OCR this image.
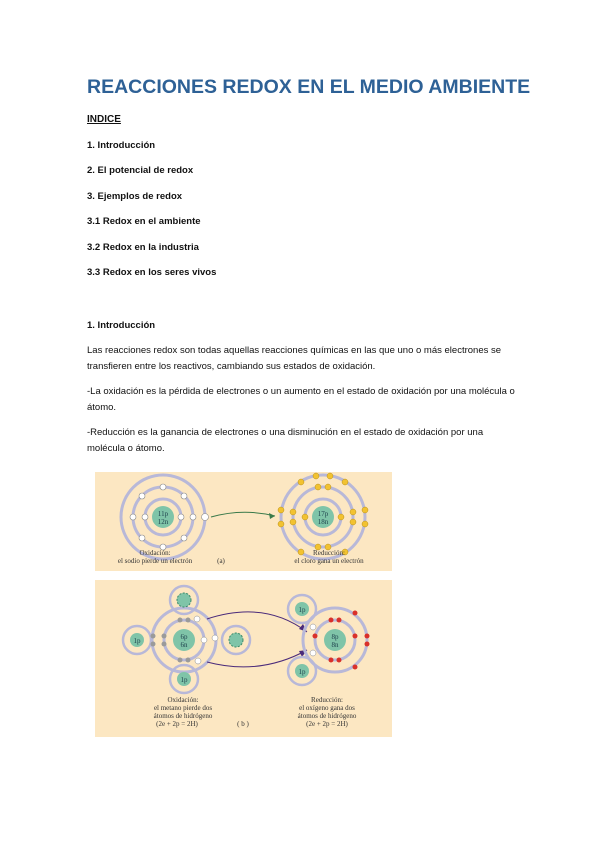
REACCIONES REDOX EN EL MEDIO AMBIENTE
INDICE
1. Introducción
2. El potencial de redox
3. Ejemplos de redox
3.1 Redox en el ambiente
3.2 Redox en la industria
3.3 Redox en los seres vivos
1. Introducción
Las reacciones redox son todas aquellas reacciones químicas en las que uno o más electrones se transfieren entre los reactivos, cambiando sus estados de oxidación.
-La oxidación es la pérdida de electrones o un aumento en el estado de oxidación por una molécula o átomo.
-Reducción es la ganancia de electrones o una disminución en el estado de oxidación por una molécula o átomo.
11p
12n
17p
18n
Oxidación:
el sodio pierde un electrón	(a)
Reducción:
el cloro gana un electrón
6p
6n
1p
1p
8p
8n
1p
1p
Oxidación:
el metano pierde dos
átomos de hidrógeno
(2e + 2p = 2H)	( b )
Reducción:
el oxígeno gana dos
átomos de hidrógeno
(2e + 2p = 2H)
